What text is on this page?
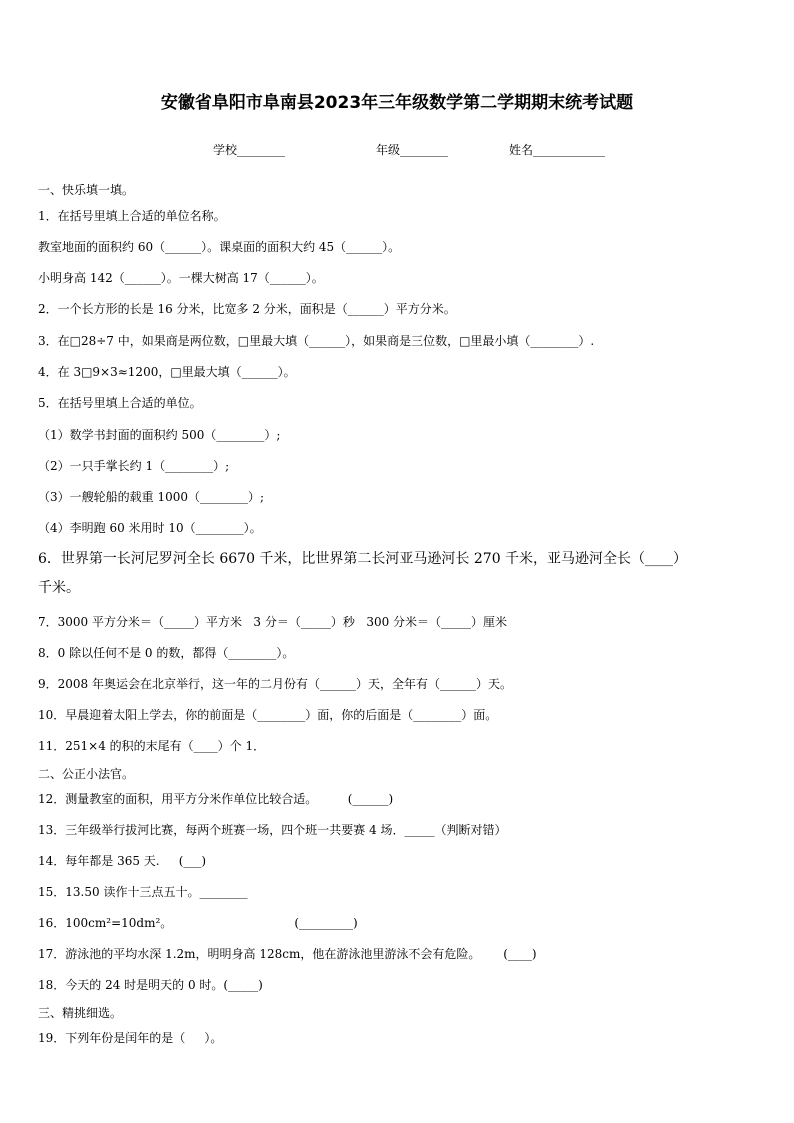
安徽省阜阳市阜南县2023年三年级数学第二学期期末统考试题
学校________	年级________	姓名____________
一、快乐填一填。
1．在括号里填上合适的单位名称。
教室地面的面积约 60（______）。课桌面的面积大约 45（______）。
小明身高 142（______）。一棵大树高 17（______）。
2．一个长方形的长是 16 分米，比宽多 2 分米，面积是（______）平方分米。
3．在□28÷7 中，如果商是两位数，□里最大填（______），如果商是三位数，□里最小填（________）.
4．在 3□9×3≈1200，□里最大填（______）。
5．在括号里填上合适的单位。
（1）数学书封面的面积约 500（________）;
（2）一只手掌长约 1（________）;
（3）一艘轮船的载重 1000（________）;
（4）李明跑 60 米用时 10（________）。
6．世界第一长河尼罗河全长 6670 千米，比世界第二长河亚马逊河长 270 千米，亚马逊河全长（____）
千米。
7．3000 平方分米＝（_____）平方米   3 分＝（_____）秒   300 分米＝（_____）厘米
8．0 除以任何不是 0 的数，都得（________）。
9．2008 年奥运会在北京举行，这一年的二月份有（______）天，全年有（______）天。
10．早晨迎着太阳上学去，你的前面是（________）面，你的后面是（________）面。
11．251×4 的积的末尾有（____）个 1．
二、公正小法官。
12．测量教室的面积，用平方分米作单位比较合适。        (______)
13．三年级举行拔河比赛，每两个班赛一场，四个班一共要赛 4 场．_____（判断对错）
14．每年都是 365 天.     (___)
15．13.50 读作十三点五十。________
16．100cm²=10dm²。                                (_________)
17．游泳池的平均水深 1.2m，明明身高 128cm，他在游泳池里游泳不会有危险。      (____)
18．今天的 24 时是明天的 0 时。(_____)
三、精挑细选。
19．下列年份是闰年的是（     ）。
